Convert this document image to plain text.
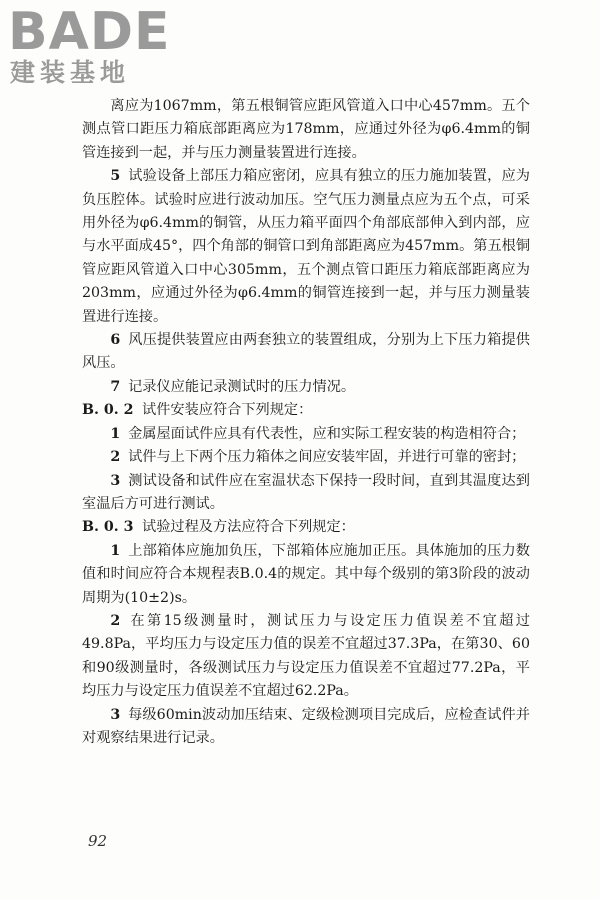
BADE
建装基地

离应为1067mm，第五根铜管应距风管道入口中心457mm。五个测点管口距压力箱底部距离应为178mm，应通过外径为φ6.4mm的铜管连接到一起，并与压力测量装置进行连接。

5 试验设备上部压力箱应密闭，应具有独立的压力施加装置，应为负压腔体。试验时应进行波动加压。空气压力测量点应为五个点，可采用外径为φ6.4mm的铜管，从压力箱平面四个角部底部伸入到内部，应与水平面成45°，四个角部的铜管口到角部距离应为457mm。第五根铜管应距风管道入口中心305mm，五个测点管口距压力箱底部距离应为203mm，应通过外径为φ6.4mm的铜管连接到一起，并与压力测量装置进行连接。

6 风压提供装置应由两套独立的装置组成，分别为上下压力箱提供风压。

7 记录仪应能记录测试时的压力情况。

B. 0. 2 试件安装应符合下列规定：

1 金属屋面试件应具有代表性，应和实际工程安装的构造相符合；

2 试件与上下两个压力箱体之间应安装牢固，并进行可靠的密封；

3 测试设备和试件应在室温状态下保持一段时间，直到其温度达到室温后方可进行测试。

B. 0. 3 试验过程及方法应符合下列规定：

1 上部箱体应施加负压，下部箱体应施加正压。具体施加的压力数值和时间应符合本规程表B.0.4的规定。其中每个级别的第3阶段的波动周期为(10±2)s。

2 在第15级测量时，测试压力与设定压力值误差不宜超过49.8Pa，平均压力与设定压力值的误差不宜超过37.3Pa，在第30、60和90级测量时，各级测试压力与设定压力值误差不宜超过77.2Pa，平均压力与设定压力值误差不宜超过62.2Pa。

3 每级60min波动加压结束、定级检测项目完成后，应检查试件并对观察结果进行记录。

92
